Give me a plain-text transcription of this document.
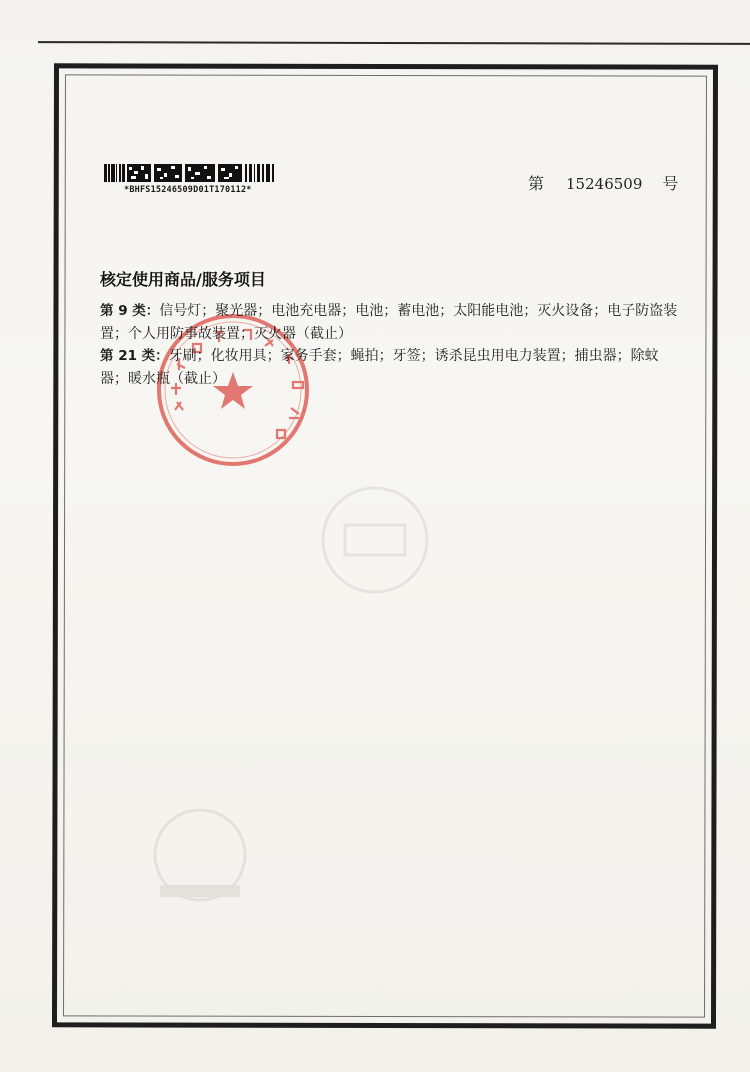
*BHFS15246509D01T170112*	第 15246509 号
核定使用商品/服务项目

第 9 类：信号灯；聚光器；电池充电器；电池；蓄电池；太阳能电池；灭火设备；电子防盗装置；个人用防事故装置；灭火器（截止）

第 21 类：牙刷；化妆用具；家务手套；蝇拍；牙签；诱杀昆虫用电力装置；捕虫器；除蚊器；暖水瓶（截止）
